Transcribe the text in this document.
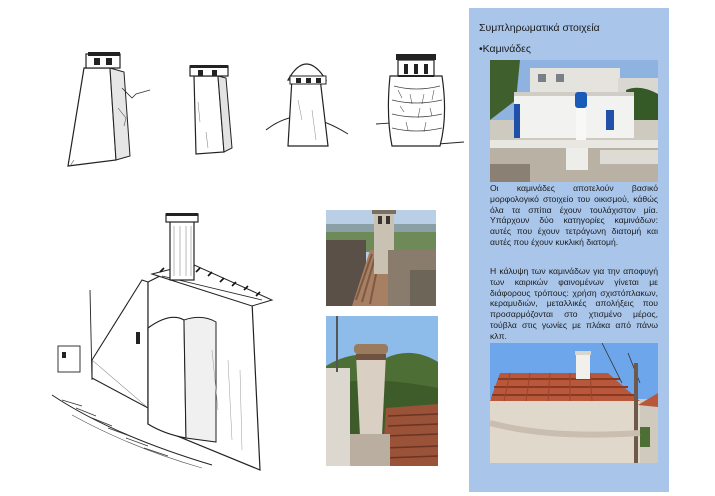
Συμπληρωματικά στοιχεία
•Καμινάδες
Οι καμινάδες αποτελούν βασικό μορφολογικό στοιχείο του οικισμού, κάθώς όλα τα σπίτια έχουν τουλάχιστον μία. Υπάρχουν δύο κατηγορίες καμινάδων: αυτές που έχουν τετράγωνη διατομή και αυτές που έχουν κυκλική διατομή.
Η κάλυψη των καμινάδων για την αποφυγή των καιρικών φαινομένων γίνεται με διάφορους τρόπους: χρήση σχιστόπλακων, κεραμυδιών, μεταλλικές απολήξεις που προσαρμόζονται στο χτισμένο μέρος, τούβλα στις γωνίες με πλάκα από πάνω κλπ.
